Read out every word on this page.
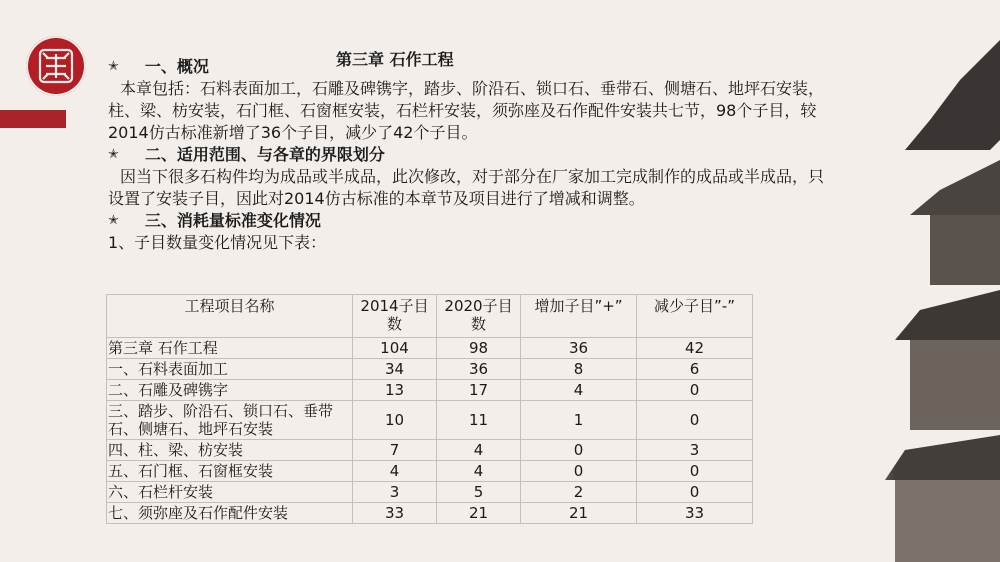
第三章 石作工程
✭ 一、概况
本章包括：石料表面加工，石雕及碑镌字，踏步、阶沿石、锁口石、垂带石、侧塘石、地坪石安装，柱、梁、枋安装，石门框、石窗框安装，石栏杆安装，须弥座及石作配件安装共七节，98个子目，较2014仿古标准新增了36个子目，减少了42个子目。
✭ 二、适用范围、与各章的界限划分
因当下很多石构件均为成品或半成品，此次修改，对于部分在厂家加工完成制作的成品或半成品，只设置了安装子目，因此对2014仿古标准的本章节及项目进行了增减和调整。
✭ 三、消耗量标准变化情况
1、子目数量变化情况见下表：
工程项目名称	2014子目数	2020子目数	增加子目”+”	减少子目”-”
第三章 石作工程	104	98	36	42
一、石料表面加工	34	36	8	6
二、石雕及碑镌字	13	17	4	0
三、踏步、阶沿石、锁口石、垂带石、侧塘石、地坪石安装	10	11	1	0
四、柱、梁、枋安装	7	4	0	3
五、石门框、石窗框安装	4	4	0	0
六、石栏杆安装	3	5	2	0
七、须弥座及石作配件安装	33	21	21	33
